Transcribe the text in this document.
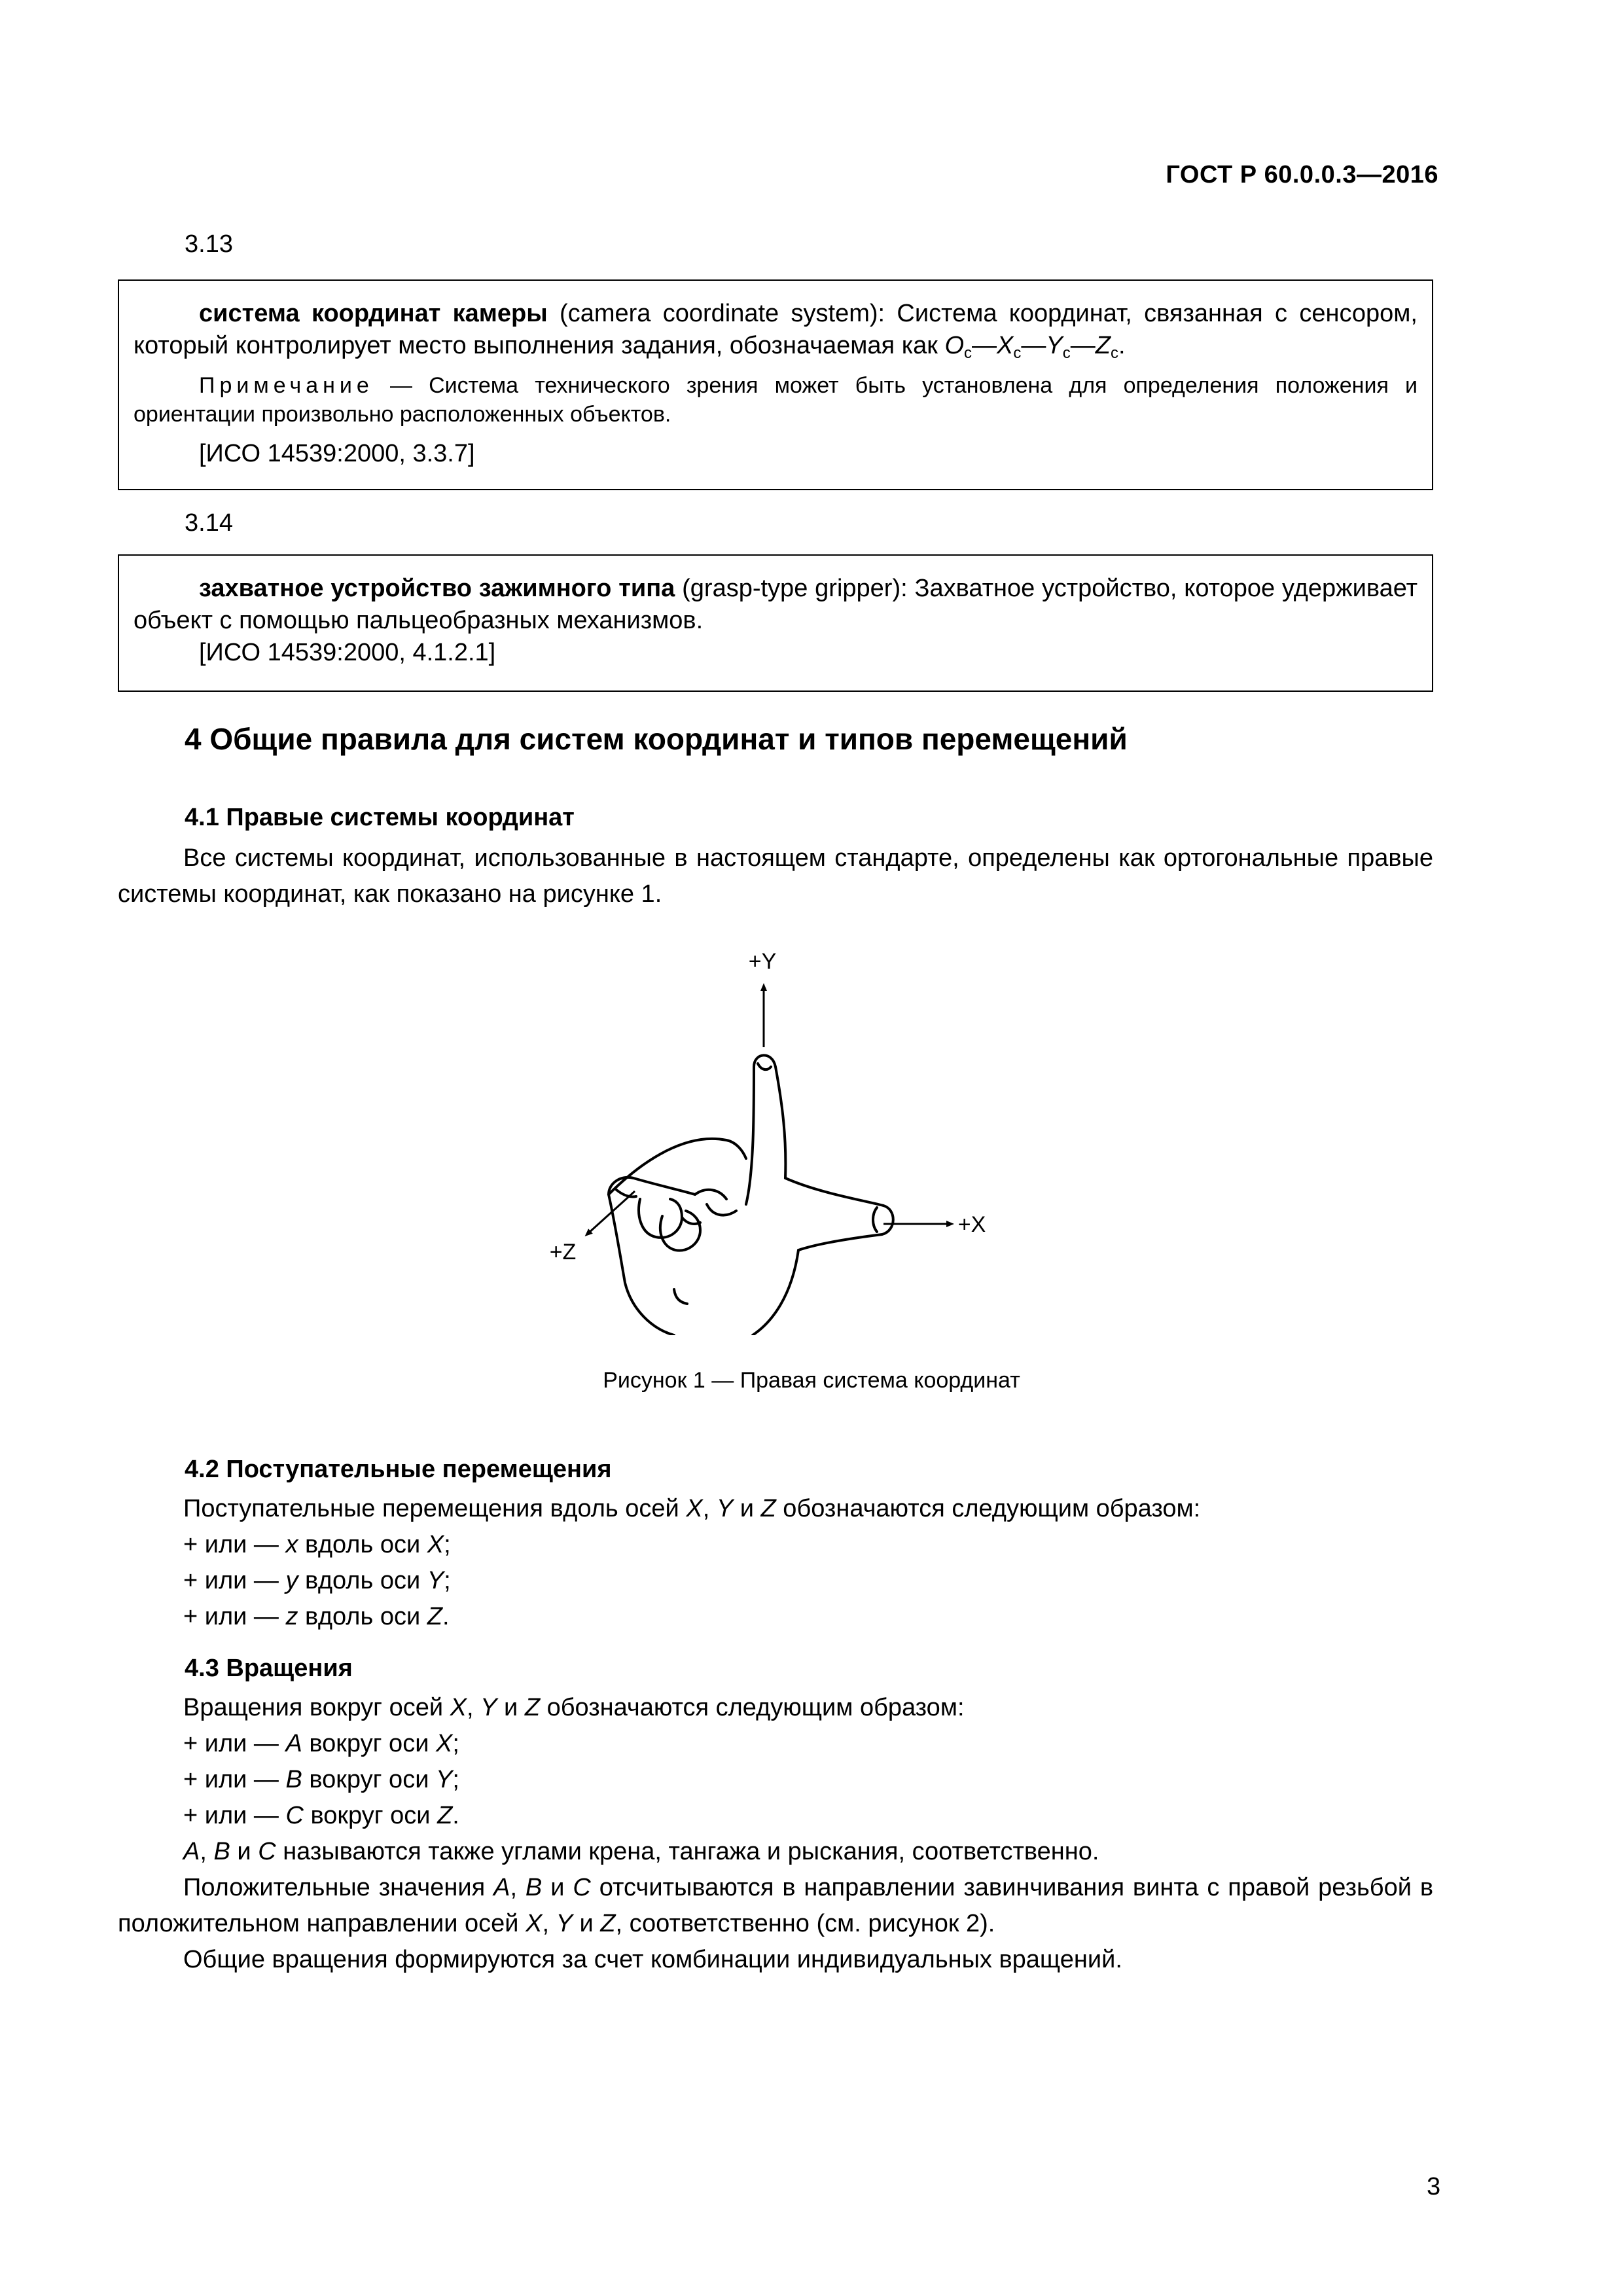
ГОСТ Р 60.0.0.3—2016
3.13

система координат камеры (camera coordinate system): Система координат, связанная с сенсором, который контролирует место выполнения задания, обозначаемая как $O_c—X_c—Y_c—Z_c$.

Примечание — Система технического зрения может быть установлена для определения положения и ориентации произвольно расположенных объектов.

[ИСО 14539:2000, 3.3.7]

3.14

захватное устройство зажимного типа (grasp-type gripper): Захватное устройство, которое удерживает объект с помощью пальцеобразных механизмов.

[ИСО 14539:2000, 4.1.2.1]

4 Общие правила для систем координат и типов перемещений
4.1 Правые системы координат

Все системы координат, использованные в настоящем стандарте, определены как ортогональные правые системы координат, как показано на рисунке 1.

+Y
+X
+Z
Рисунок 1 — Правая система координат
4.2 Поступательные перемещения

Поступательные перемещения вдоль осей X, Y и Z обозначаются следующим образом:

+ или — x вдоль оси X;

+ или — y вдоль оси Y;

+ или — z вдоль оси Z.

4.3 Вращения

Вращения вокруг осей X, Y и Z обозначаются следующим образом:

+ или — A вокруг оси X;

+ или — B вокруг оси Y;

+ или — C вокруг оси Z.

A, B и C называются также углами крена, тангажа и рыскания, соответственно.

Положительные значения A, B и C отсчитываются в направлении завинчивания винта с правой резьбой в положительном направлении осей X, Y и Z, соответственно (см. рисунок 2).

Общие вращения формируются за счет комбинации индивидуальных вращений.

3
